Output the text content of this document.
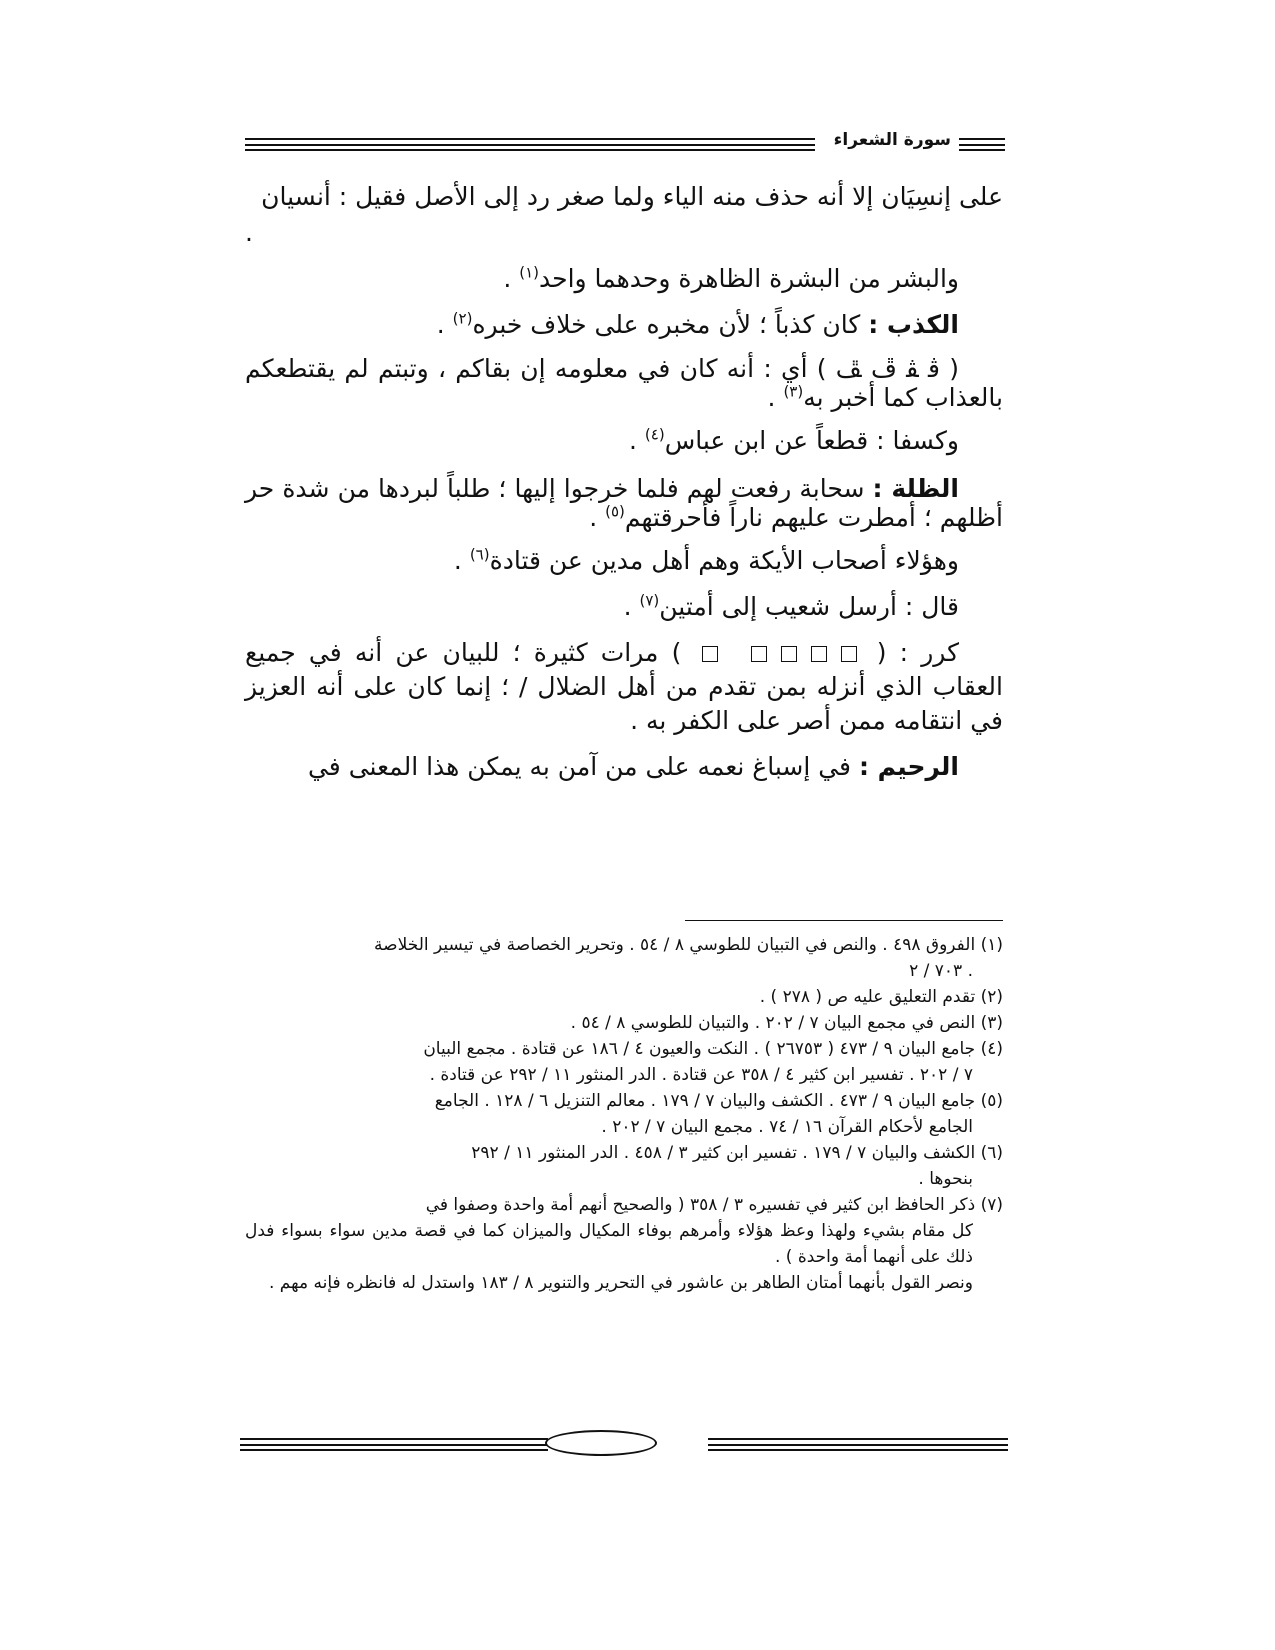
سورة الشعراء

على إنسِيَان إلا أنه حذف منه الياء ولما صغر رد إلى الأصل فقيل : أنسيان

.

والبشر من البشرة الظاهرة وحدهما واحد$^{(١)}$ .

الكذب : كان كذباً ؛ لأن مخبره على خلاف خبره$^{(٢)}$ .

( ﭬ ﭭ ﭮ ﭯ ) أي : أنه كان في معلومه إن بقاكم ، وتبتم لم يقتطعكم بالعذاب كما أخبر به$^{(٣)}$ .

وكسفا : قطعاً عن ابن عباس$^{(٤)}$ .

الظلة : سحابة رفعت لهم فلما خرجوا إليها ؛ طلباً لبردها من شدة حر أظلهم ؛ أمطرت عليهم ناراً فأحرقتهم$^{(٥)}$ .

وهؤلاء أصحاب الأيكة وهم أهل مدين عن قتادة$^{(٦)}$ .

قال : أرسل شعيب إلى أمتين$^{(٧)}$ .

كرر : (  ) مرات كثيرة ؛ للبيان عن أنه في جميع العقاب الذي أنزله بمن تقدم من أهل الضلال / ؛ إنما كان على أنه العزيز في انتقامه ممن أصر على الكفر به .

الرحيم : في إسباغ نعمه على من آمن به يمكن هذا المعنى في

(١) الفروق ٤٩٨ . والنص في التبيان للطوسي ٨ / ٥٤ . وتحرير الخصاصة في تيسير الخلاصة

. ٧٠٣ / ٢

(٢) تقدم التعليق عليه ص ( ٢٧٨ ) .

(٣) النص في مجمع البيان ٧ / ٢٠٢ . والتبيان للطوسي ٨ / ٥٤ .

(٤) جامع البيان ٩ / ٤٧٣ ( ٢٦٧٥٣ ) . النكت والعيون ٤ / ١٨٦ عن قتادة . مجمع البيان

٧ / ٢٠٢ . تفسير ابن كثير ٤ / ٣٥٨ عن قتادة . الدر المنثور ١١ / ٢٩٢ عن قتادة .

(٥) جامع البيان ٩ / ٤٧٣ . الكشف والبيان ٧ / ١٧٩ . معالم التنزيل ٦ / ١٢٨ . الجامع

الجامع لأحكام القرآن ١٦ / ٧٤ . مجمع البيان ٧ / ٢٠٢ .

(٦) الكشف والبيان ٧ / ١٧٩ . تفسير ابن كثير ٣ / ٤٥٨ . الدر المنثور ١١ / ٢٩٢

بنحوها .

(٧) ذكر الحافظ ابن كثير في تفسيره ٣ / ٣٥٨ ( والصحيح أنهم أمة واحدة وصفوا في

كل مقام بشيء ولهذا وعظ هؤلاء وأمرهم بوفاء المكيال والميزان كما في قصة مدين سواء بسواء فدل ذلك على أنهما أمة واحدة ) .

ونصر القول بأنهما أمتان الطاهر بن عاشور في التحرير والتنوير ٨ / ١٨٣ واستدل له فانظره فإنه مهم .
